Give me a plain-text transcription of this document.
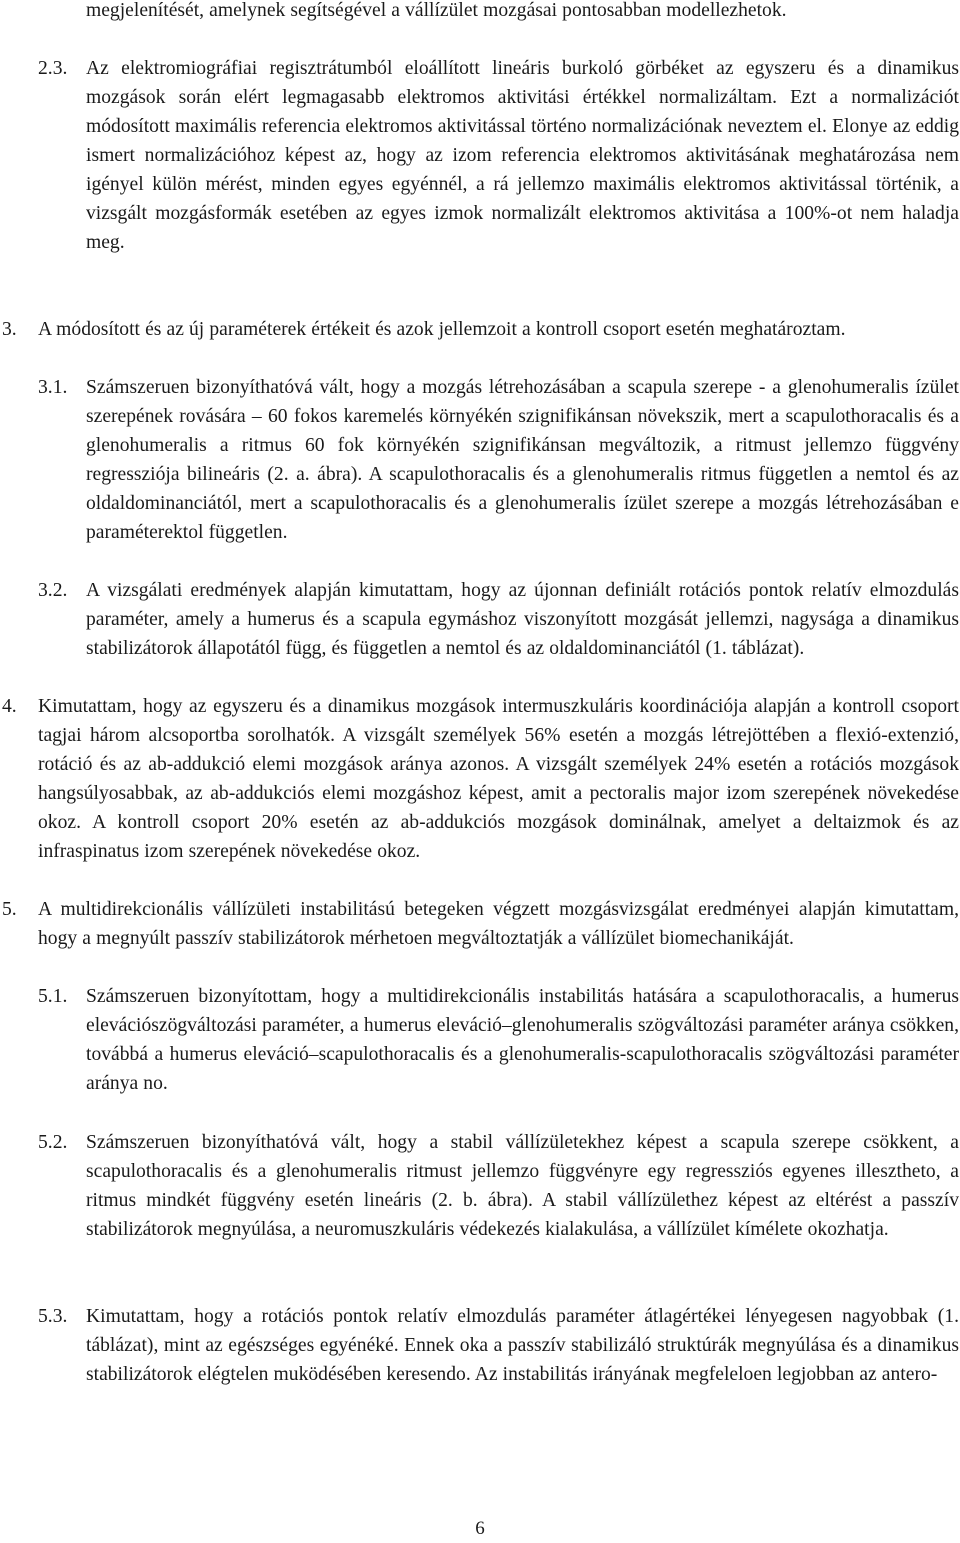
megjelenítését, amelynek segítségével a vállízület mozgásai pontosabban modellezhetok.
2.3. Az elektromiográfiai regisztrátumból eloállított lineáris burkoló görbéket az egyszeru és a dinamikus mozgások során elért legmagasabb elektromos aktivitási értékkel normalizáltam. Ezt a normalizációt módosított maximális referencia elektromos aktivitással történo normalizációnak neveztem el. Elonye az eddig ismert normalizációhoz képest az, hogy az izom referencia elektromos aktivitásának meghatározása nem igényel külön mérést, minden egyes egyénnél, a rá jellemzo maximális elektromos aktivitással történik, a vizsgált mozgásformák esetében az egyes izmok normalizált elektromos aktivitása a 100%-ot nem haladja meg.
3.	A módosított és az új paraméterek értékeit és azok jellemzoit a kontroll csoport esetén meghatároztam.
3.1. Számszeruen bizonyíthatóvá vált, hogy a mozgás létrehozásában a scapula szerepe - a glenohumeralis ízület szerepének rovására – 60 fokos karemelés környékén szignifikánsan növekszik, mert a scapulothoracalis és a glenohumeralis a ritmus 60 fok környékén szignifikánsan megváltozik, a ritmust jellemzo függvény regressziója bilineáris (2. a. ábra). A scapulothoracalis és a glenohumeralis ritmus független a nemtol és az oldaldominanciától, mert a scapulothoracalis és a glenohumeralis ízület szerepe a mozgás létrehozásában e paraméterektol független.
3.2. A vizsgálati eredmények alapján kimutattam, hogy az újonnan definiált rotációs pontok relatív elmozdulás paraméter, amely a humerus és a scapula egymáshoz viszonyított mozgását jellemzi, nagysága a dinamikus stabilizátorok állapotától függ, és független a nemtol és az oldaldominanciától (1. táblázat).
4.	Kimutattam, hogy az egyszeru és a dinamikus mozgások intermuszkuláris koordinációja alapján a kontroll csoport tagjai három alcsoportba sorolhatók. A vizsgált személyek 56% esetén a mozgás létrejöttében a flexió-extenzió, rotáció és az ab-addukció elemi mozgások aránya azonos. A vizsgált személyek 24% esetén a rotációs mozgások hangsúlyosabbak, az ab-addukciós elemi mozgáshoz képest, amit a pectoralis major izom szerepének növekedése okoz. A kontroll csoport 20% esetén az ab-addukciós mozgások dominálnak, amelyet a deltaizmok és az infraspinatus izom szerepének növekedése okoz.
5.	A multidirekcionális vállízületi instabilitású betegeken végzett mozgásvizsgálat eredményei alapján kimutattam, hogy a megnyúlt passzív stabilizátorok mérhetoen megváltoztatják a vállízület biomechanikáját.
5.1. Számszeruen bizonyítottam, hogy a multidirekcionális instabilitás hatására a scapulothoracalis, a humerus elevációszögváltozási paraméter, a humerus eleváció–glenohumeralis szögváltozási paraméter aránya csökken, továbbá a humerus eleváció–scapulothoracalis és a glenohumeralis-scapulothoracalis szögváltozási paraméter aránya no.
5.2. Számszeruen bizonyíthatóvá vált, hogy a stabil vállízületekhez képest a scapula szerepe csökkent, a scapulothoracalis és a glenohumeralis ritmust jellemzo függvényre egy regressziós egyenes illesztheto, a ritmus mindkét függvény esetén lineáris (2. b. ábra). A stabil vállízülethez képest az eltérést a passzív stabilizátorok megnyúlása, a neuromuszkuláris védekezés kialakulása, a vállízület kímélete okozhatja.
5.3. Kimutattam, hogy a rotációs pontok relatív elmozdulás paraméter átlagértékei lényegesen nagyobbak (1. táblázat), mint az egészséges egyénéké. Ennek oka a passzív stabilizáló struktúrák megnyúlása és a dinamikus stabilizátorok elégtelen muködésében keresendo. Az instabilitás irányának megfeleloen legjobban az antero-
6
